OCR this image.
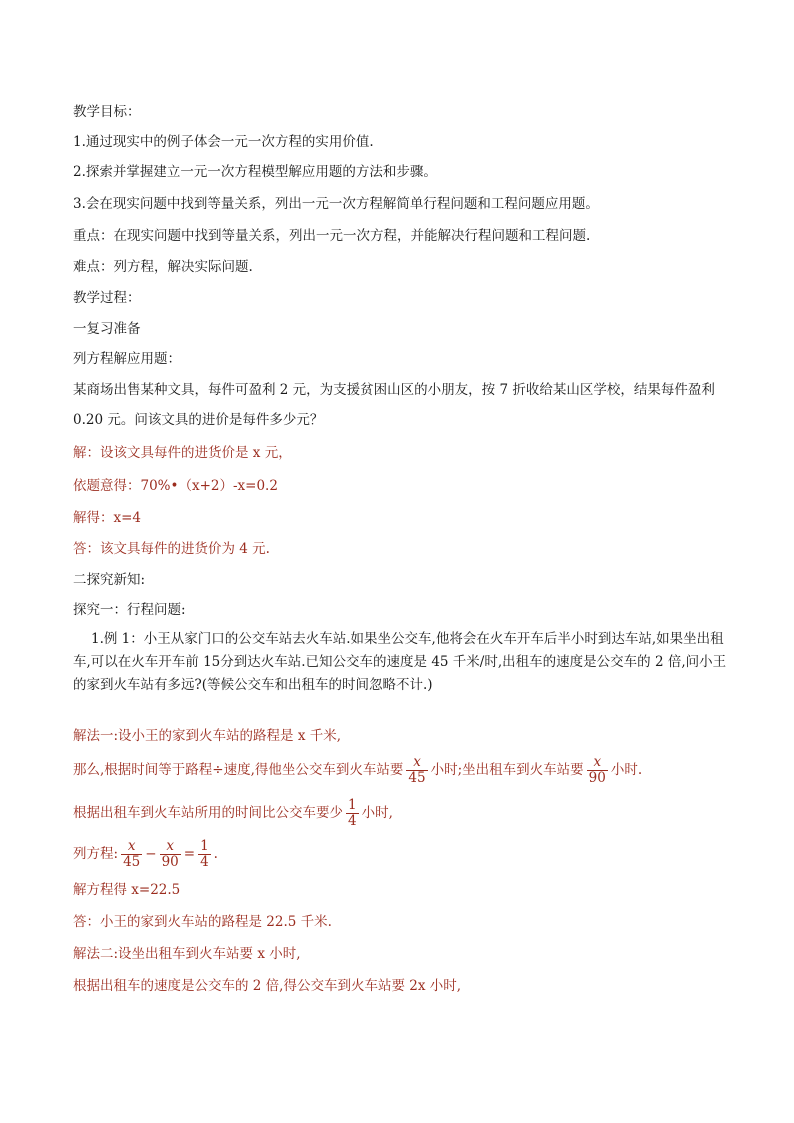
教学目标：
1.通过现实中的例子体会一元一次方程的实用价值.
2.探索并掌握建立一元一次方程模型解应用题的方法和步骤。
3.会在现实问题中找到等量关系，列出一元一次方程解简单行程问题和工程问题应用题。
重点：在现实问题中找到等量关系，列出一元一次方程，并能解决行程问题和工程问题.
难点：列方程，解决实际问题.
教学过程：
一复习准备
列方程解应用题：
某商场出售某种文具，每件可盈利 2 元，为支援贫困山区的小朋友，按 7 折收给某山区学校，结果每件盈利 0.20 元。问该文具的进价是每件多少元？
解：设该文具每件的进货价是 x 元，
依题意得：70%•（x+2）-x=0.2
解得：x=4
答：该文具每件的进货价为 4 元.
二探究新知:
探究一：行程问题:
1.例 1：小王从家门口的公交车站去火车站.如果坐公交车,他将会在火车开车后半小时到达车站,如果坐出租车,可以在火车开车前 15分到达火车站.已知公交车的速度是 45 千米/时,出租车的速度是公交车的 2 倍,问小王的家到火车站有多远?(等候公交车和出租车的时间忽略不计.)
解法一:设小王的家到火车站的路程是 x 千米,
那么,根据时间等于路程÷速度,得他坐公交车到火车站要 $\frac{x}{45}$ 小时;坐出租车到火车站要 $\frac{x}{90}$ 小时.
根据出租车到火车站所用的时间比公交车要少 $\frac{1}{4}$ 小时,
列方程: $\frac{x}{45} - \frac{x}{90} = \frac{1}{4}$ .
解方程得 x=22.5
答：小王的家到火车站的路程是 22.5 千米.
解法二:设坐出租车到火车站要 x 小时,
根据出租车的速度是公交车的 2 倍,得公交车到火车站要 2x 小时,
